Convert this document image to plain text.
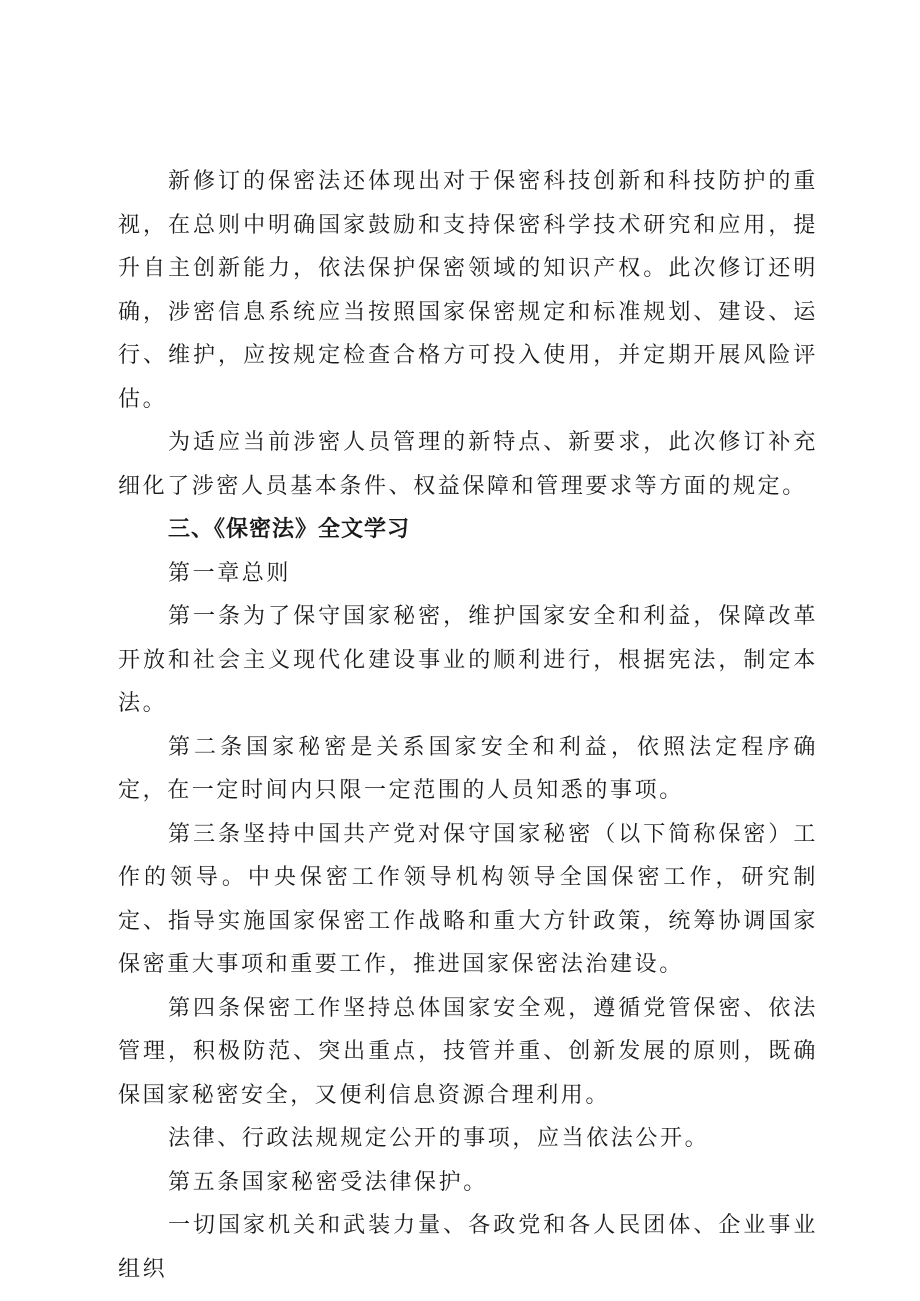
新修订的保密法还体现出对于保密科技创新和科技防护的重视，在总则中明确国家鼓励和支持保密科学技术研究和应用，提升自主创新能力，依法保护保密领域的知识产权。此次修订还明确，涉密信息系统应当按照国家保密规定和标准规划、建设、运行、维护，应按规定检查合格方可投入使用，并定期开展风险评估。

为适应当前涉密人员管理的新特点、新要求，此次修订补充细化了涉密人员基本条件、权益保障和管理要求等方面的规定。

三、《保密法》全文学习

第一章总则

第一条为了保守国家秘密，维护国家安全和利益，保障改革开放和社会主义现代化建设事业的顺利进行，根据宪法，制定本法。

第二条国家秘密是关系国家安全和利益，依照法定程序确定，在一定时间内只限一定范围的人员知悉的事项。

第三条坚持中国共产党对保守国家秘密（以下简称保密）工作的领导。中央保密工作领导机构领导全国保密工作，研究制定、指导实施国家保密工作战略和重大方针政策，统筹协调国家保密重大事项和重要工作，推进国家保密法治建设。

第四条保密工作坚持总体国家安全观，遵循党管保密、依法管理，积极防范、突出重点，技管并重、创新发展的原则，既确保国家秘密安全，又便利信息资源合理利用。

法律、行政法规规定公开的事项，应当依法公开。

第五条国家秘密受法律保护。

一切国家机关和武装力量、各政党和各人民团体、企业事业组织
